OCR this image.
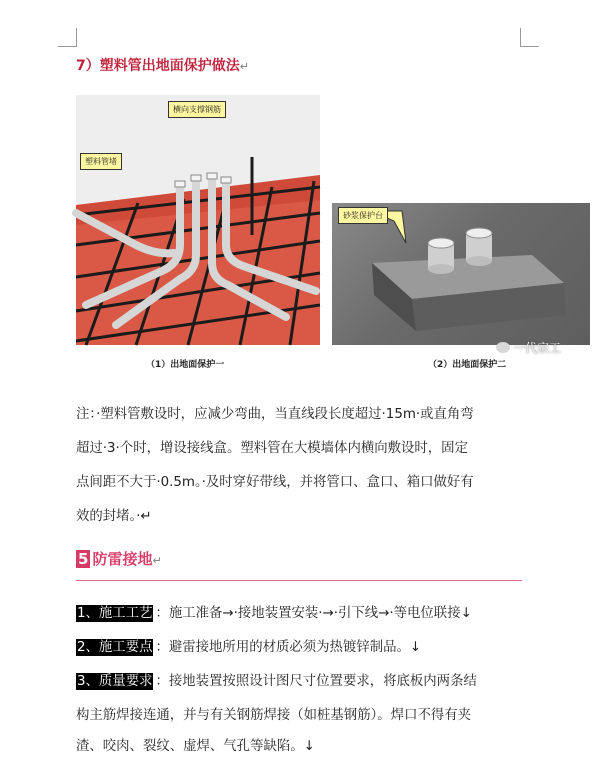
7）塑料管出地面保护做法↵
塑料管堵
横向支撑钢筋
（1）出地面保护一
砂浆保护台
（2）出地面保护二
一代宗工
注：·塑料管敷设时，应减少弯曲，当直线段长度超过·15m·或直角弯
超过·3·个时，增设接线盒。塑料管在大模墙体内横向敷设时，固定
点间距不大于·0.5m。·及时穿好带线，并将管口、盒口、箱口做好有
效的封堵。·↵
5 防雷接地↵
1、施工工艺 ：施工准备→·接地装置安装·→·引下线→·等电位联接↓
2、施工要点 ：避雷接地所用的材质必须为热镀锌制品。↓
3、质量要求 ：接地装置按照设计图尺寸位置要求，将底板内两条结
构主筋焊接连通，并与有关钢筋焊接（如桩基钢筋）。焊口不得有夹
渣、咬肉、裂纹、虚焊、气孔等缺陷。↓
